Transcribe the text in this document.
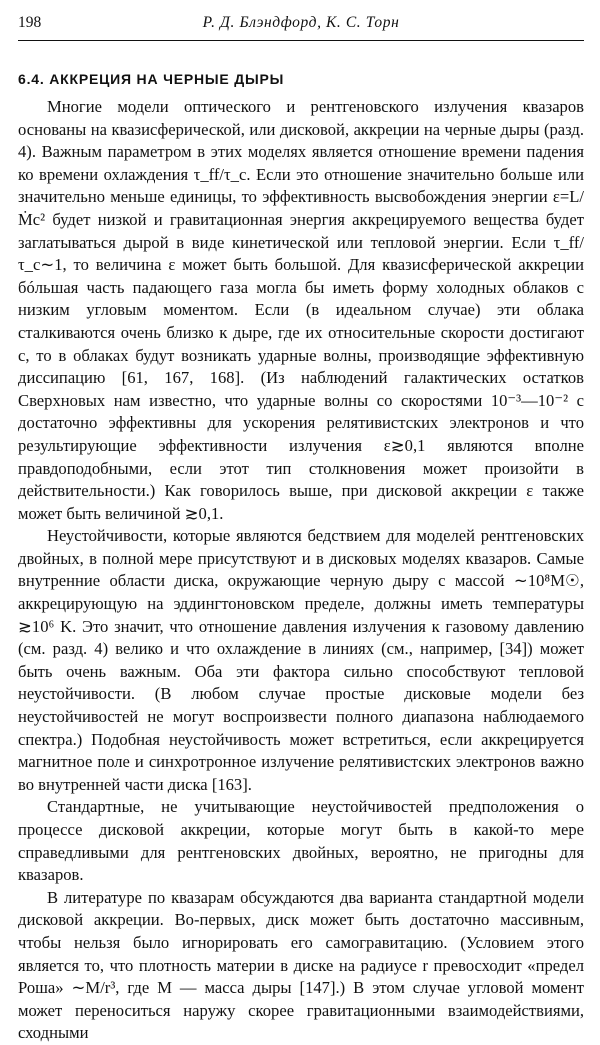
198	Р. Д. Блэндфорд, К. С. Торн
6.4. АККРЕЦИЯ НА ЧЕРНЫЕ ДЫРЫ

Многие модели оптического и рентгеновского излучения квазаров основаны на квазисферической, или дисковой, аккреции на черные дыры (разд. 4). Важным параметром в этих моделях является отношение времени падения ко времени охлаждения τ_ff/τ_c. Если это отношение значительно больше или значительно меньше единицы, то эффективность высвобождения энергии ε=L/Ṁc² будет низкой и гравитационная энергия аккрецируемого вещества будет заглатываться дырой в виде кинетической или тепловой энергии. Если τ_ff/τ_c∼1, то величина ε может быть большой. Для квазисферической аккреции бóльшая часть падающего газа могла бы иметь форму холодных облаков с низким угловым моментом. Если (в идеальном случае) эти облака сталкиваются очень близко к дыре, где их относительные скорости достигают c, то в облаках будут возникать ударные волны, производящие эффективную диссипацию [61, 167, 168]. (Из наблюдений галактических остатков Сверхновых нам известно, что ударные волны со скоростями 10⁻³—10⁻² c достаточно эффективны для ускорения релятивистских электронов и что результирующие эффективности излучения ε≳0,1 являются вполне правдоподобными, если этот тип столкновения может произойти в действительности.) Как говорилось выше, при дисковой аккреции ε также может быть величиной ≳0,1.

Неустойчивости, которые являются бедствием для моделей рентгеновских двойных, в полной мере присутствуют и в дисковых моделях квазаров. Самые внутренние области диска, окружающие черную дыру с массой ∼10⁸M☉, аккрецирующую на эддингтоновском пределе, должны иметь температуры ≳10⁶ K. Это значит, что отношение давления излучения к газовому давлению (см. разд. 4) велико и что охлаждение в линиях (см., например, [34]) может быть очень важным. Оба эти фактора сильно способствуют тепловой неустойчивости. (В любом случае простые дисковые модели без неустойчивостей не могут воспроизвести полного диапазона наблюдаемого спектра.) Подобная неустойчивость может встретиться, если аккрецируется магнитное поле и синхротронное излучение релятивистских электронов важно во внутренней части диска [163].

Стандартные, не учитывающие неустойчивостей предположения о процессе дисковой аккреции, которые могут быть в какой-то мере справедливыми для рентгеновских двойных, вероятно, не пригодны для квазаров.

В литературе по квазарам обсуждаются два варианта стандартной модели дисковой аккреции. Во-первых, диск может быть достаточно массивным, чтобы нельзя было игнорировать его самогравитацию. (Условием этого является то, что плотность материи в диске на радиусе r превосходит «предел Роша» ∼M/r³, где M — масса дыры [147].) В этом случае угловой момент может переноситься наружу скорее гравитационными взаимодействиями, сходными
